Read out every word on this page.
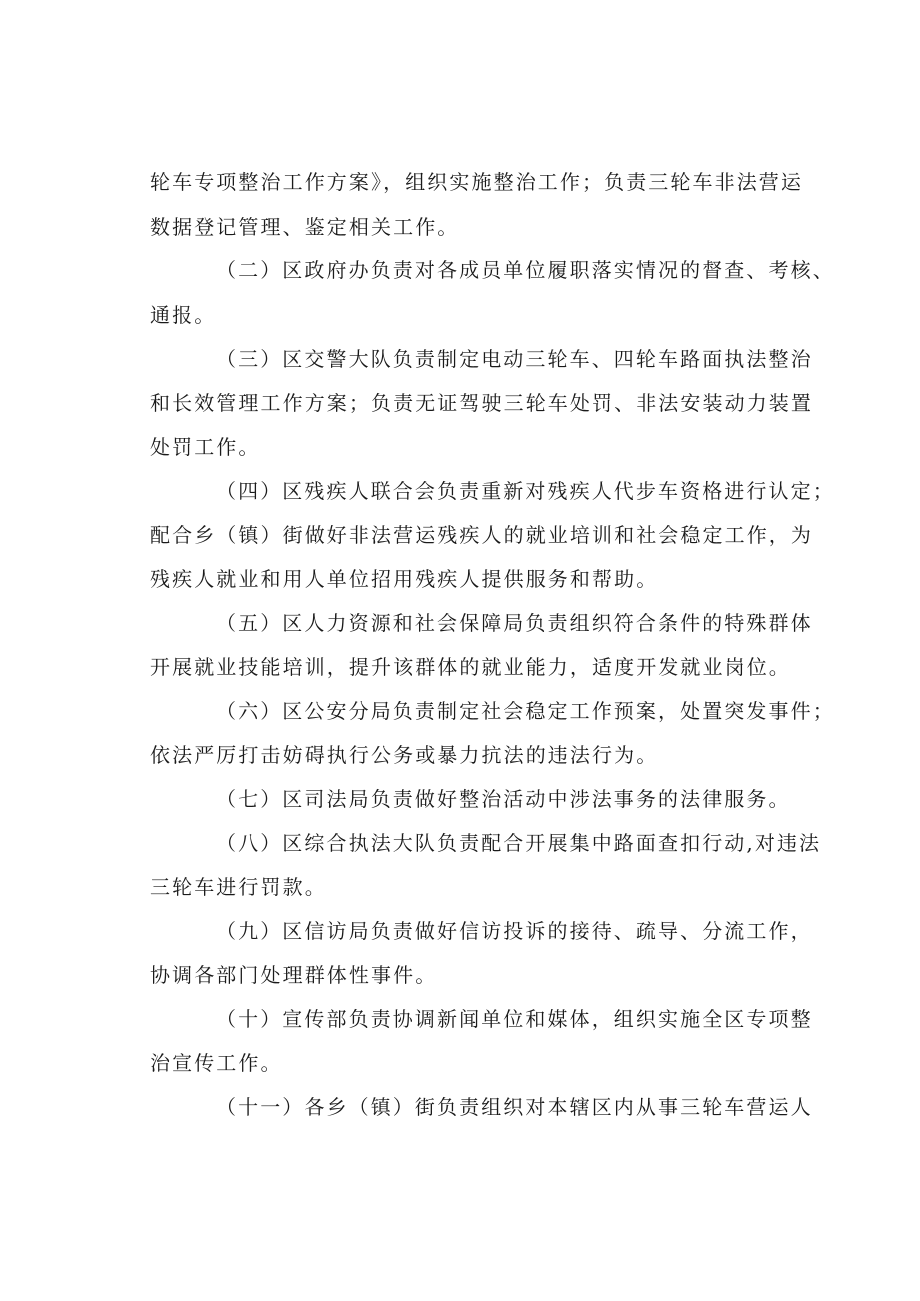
轮车专项整治工作方案》，组织实施整治工作；负责三轮车非法营运
数据登记管理、鉴定相关工作。
（二）区政府办负责对各成员单位履职落实情况的督查、考核、
通报。
（三）区交警大队负责制定电动三轮车、四轮车路面执法整治
和长效管理工作方案；负责无证驾驶三轮车处罚、非法安装动力装置
处罚工作。
（四）区残疾人联合会负责重新对残疾人代步车资格进行认定；
配合乡（镇）街做好非法营运残疾人的就业培训和社会稳定工作，为
残疾人就业和用人单位招用残疾人提供服务和帮助。
（五）区人力资源和社会保障局负责组织符合条件的特殊群体
开展就业技能培训，提升该群体的就业能力，适度开发就业岗位。
（六）区公安分局负责制定社会稳定工作预案，处置突发事件；
依法严厉打击妨碍执行公务或暴力抗法的违法行为。
（七）区司法局负责做好整治活动中涉法事务的法律服务。
（八）区综合执法大队负责配合开展集中路面查扣行动,对违法
三轮车进行罚款。
（九）区信访局负责做好信访投诉的接待、疏导、分流工作，
协调各部门处理群体性事件。
（十）宣传部负责协调新闻单位和媒体，组织实施全区专项整
治宣传工作。
（十一）各乡（镇）街负责组织对本辖区内从事三轮车营运人
